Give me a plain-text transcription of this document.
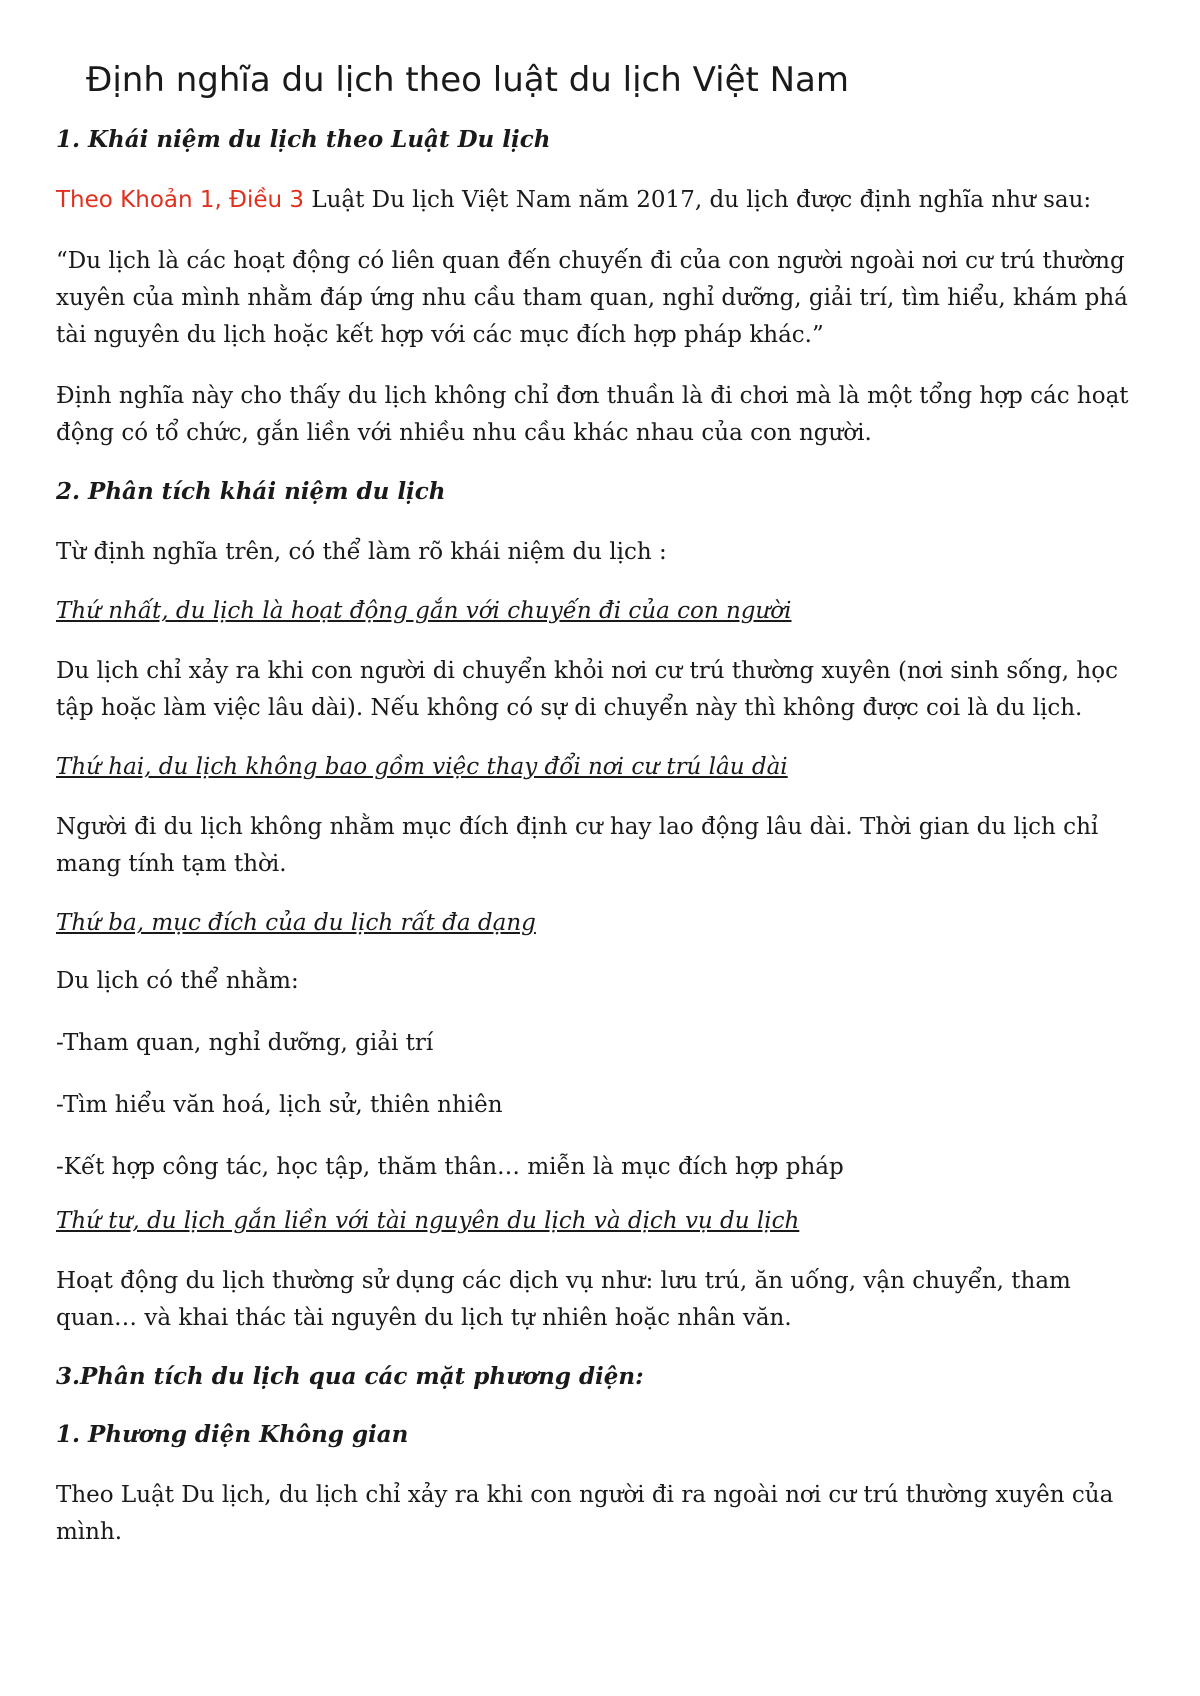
Định nghĩa du lịch theo luật du lịch Việt Nam
1. Khái niệm du lịch theo Luật Du lịch

Theo Khoản 1, Điều 3 Luật Du lịch Việt Nam năm 2017, du lịch được định nghĩa như sau:

“Du lịch là các hoạt động có liên quan đến chuyến đi của con người ngoài nơi cư trú thường xuyên của mình nhằm đáp ứng nhu cầu tham quan, nghỉ dưỡng, giải trí, tìm hiểu, khám phá tài nguyên du lịch hoặc kết hợp với các mục đích hợp pháp khác.”

Định nghĩa này cho thấy du lịch không chỉ đơn thuần là đi chơi mà là một tổng hợp các hoạt động có tổ chức, gắn liền với nhiều nhu cầu khác nhau của con người.

2. Phân tích khái niệm du lịch

Từ định nghĩa trên, có thể làm rõ khái niệm du lịch :

Thứ nhất, du lịch là hoạt động gắn với chuyến đi của con người

Du lịch chỉ xảy ra khi con người di chuyển khỏi nơi cư trú thường xuyên (nơi sinh sống, học tập hoặc làm việc lâu dài). Nếu không có sự di chuyển này thì không được coi là du lịch.

Thứ hai, du lịch không bao gồm việc thay đổi nơi cư trú lâu dài

Người đi du lịch không nhằm mục đích định cư hay lao động lâu dài. Thời gian du lịch chỉ mang tính tạm thời.

Thứ ba, mục đích của du lịch rất đa dạng

Du lịch có thể nhằm:

-Tham quan, nghỉ dưỡng, giải trí

-Tìm hiểu văn hoá, lịch sử, thiên nhiên

-Kết hợp công tác, học tập, thăm thân… miễn là mục đích hợp pháp

Thứ tư, du lịch gắn liền với tài nguyên du lịch và dịch vụ du lịch

Hoạt động du lịch thường sử dụng các dịch vụ như: lưu trú, ăn uống, vận chuyển, tham quan… và khai thác tài nguyên du lịch tự nhiên hoặc nhân văn.

3.Phân tích du lịch qua các mặt phương diện:
1. Phương diện Không gian

Theo Luật Du lịch, du lịch chỉ xảy ra khi con người đi ra ngoài nơi cư trú thường xuyên của mình.
